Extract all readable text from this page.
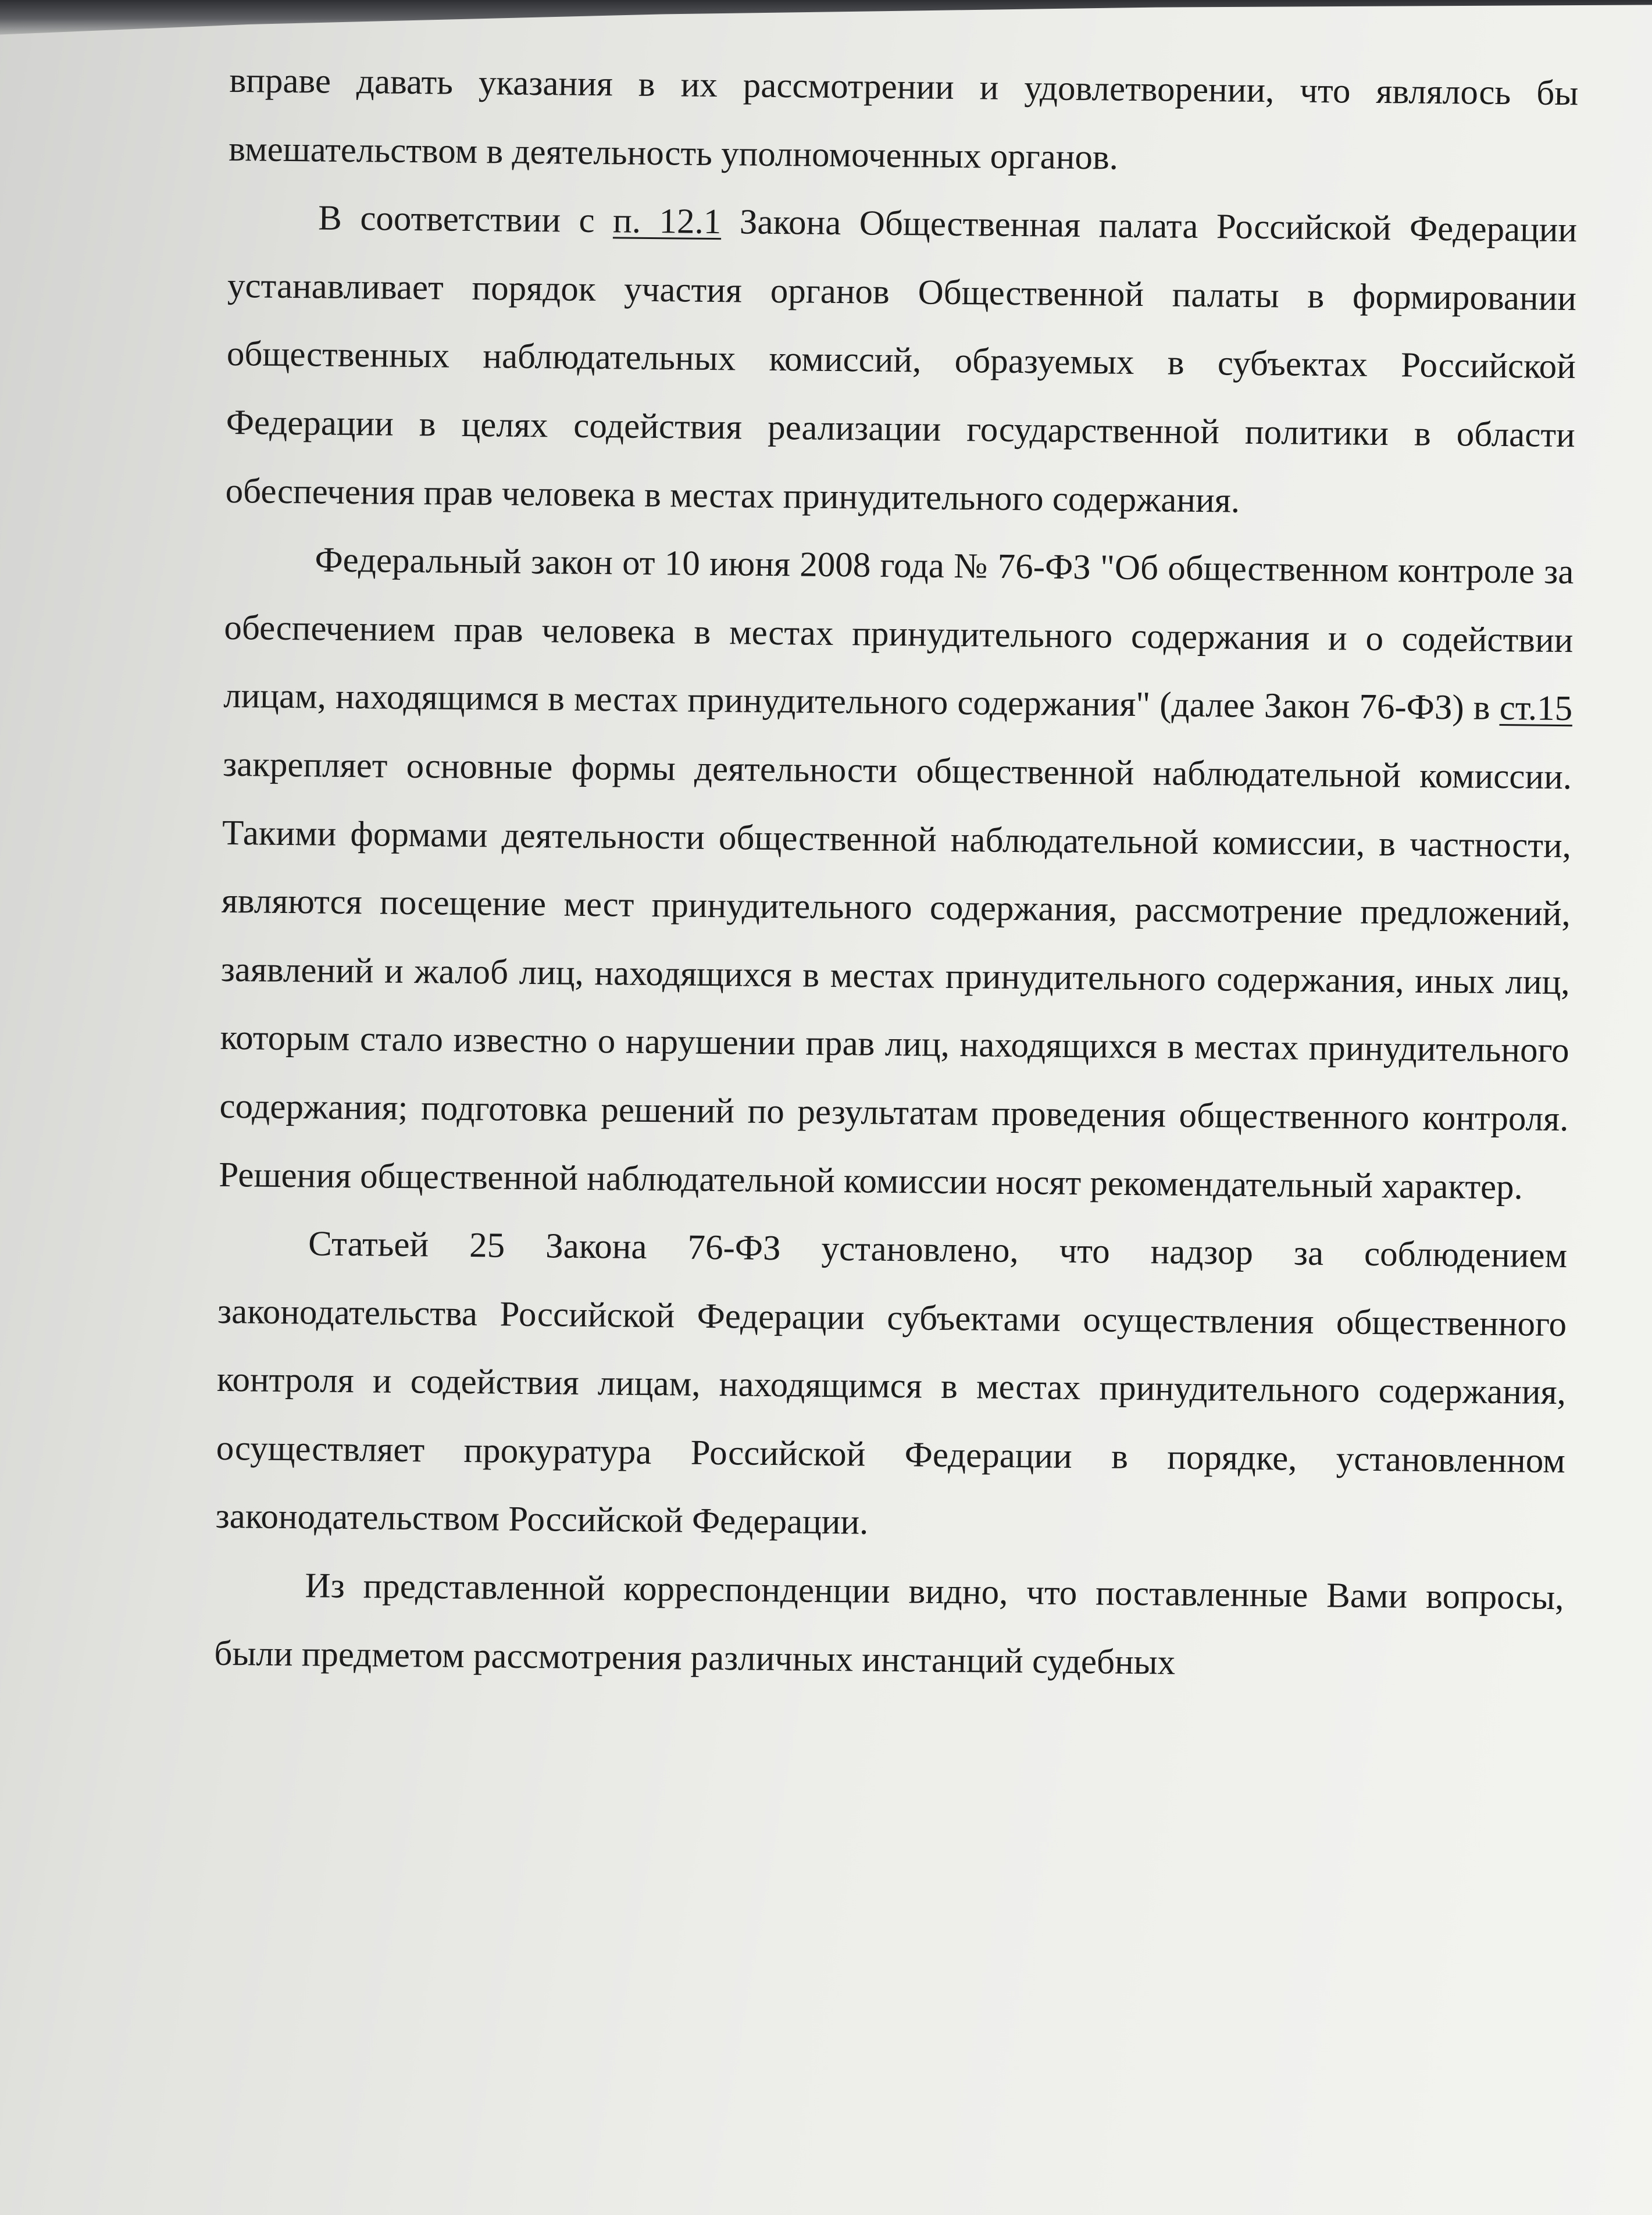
вправе давать указания в их рассмотрении и удовлетворении, что являлось бы вмешательством в деятельность уполномоченных органов.

В соответствии с п. 12.1 Закона Общественная палата Российской Федерации устанавливает порядок участия органов Общественной палаты в формировании общественных наблюдательных комиссий, образуемых в субъектах Российской Федерации в целях содействия реализации государственной политики в области обеспечения прав человека в местах принудительного содержания.

Федеральный закон от 10 июня 2008 года № 76-ФЗ "Об общественном контроле за обеспечением прав человека в местах принудительного содержания и о содействии лицам, находящимся в местах принудительного содержания" (далее Закон 76-ФЗ) в ст.15 закрепляет основные формы деятельности общественной наблюдательной комиссии. Такими формами деятельности общественной наблюдательной комиссии, в частности, являются посещение мест принудительного содержания, рассмотрение предложений, заявлений и жалоб лиц, находящихся в местах принудительного содержания, иных лиц, которым стало известно о нарушении прав лиц, находящихся в местах принудительного содержания; подготовка решений по результатам проведения общественного контроля. Решения общественной наблюдательной комиссии носят рекомендательный характер.

Статьей 25 Закона 76-ФЗ установлено, что надзор за соблюдением законодательства Российской Федерации субъектами осуществления общественного контроля и содействия лицам, находящимся в местах принудительного содержания, осуществляет прокуратура Российской Федерации в порядке, установленном законодательством Российской Федерации.

Из представленной корреспонденции видно, что поставленные Вами вопросы, были предметом рассмотрения различных инстанций судебных
